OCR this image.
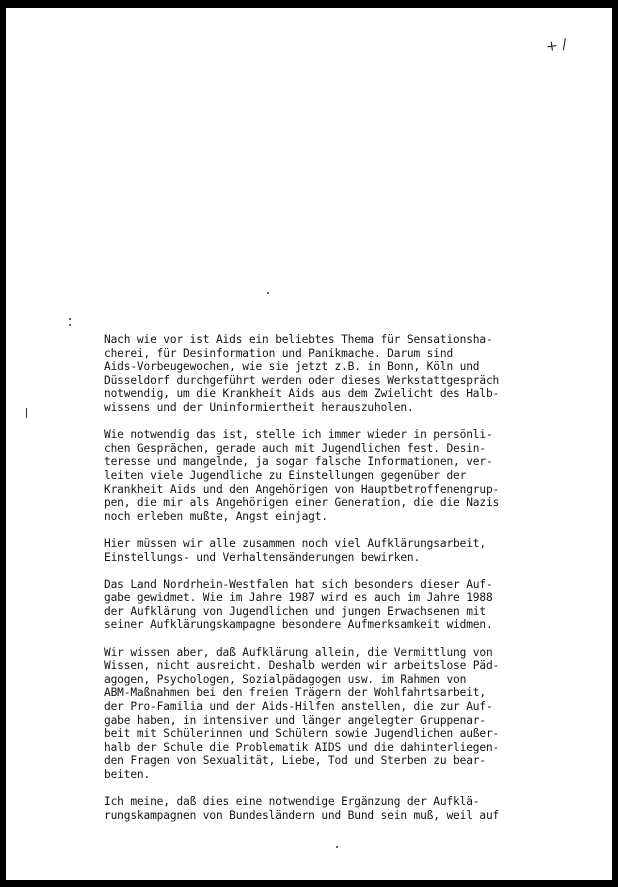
+ /

Nach wie vor ist Aids ein beliebtes Thema für Sensationsha-
cherei, für Desinformation und Panikmache. Darum sind
Aids-Vorbeugewochen, wie sie jetzt z.B. in Bonn, Köln und
Düsseldorf durchgeführt werden oder dieses Werkstattgespräch
notwendig, um die Krankheit Aids aus dem Zwielicht des Halb-
wissens und der Uninformiertheit herauszuholen.

Wie notwendig das ist, stelle ich immer wieder in persönli-
chen Gesprächen, gerade auch mit Jugendlichen fest. Desin-
teresse und mangelnde, ja sogar falsche Informationen, ver-
leiten viele Jugendliche zu Einstellungen gegenüber der
Krankheit Aids und den Angehörigen von Hauptbetroffenengrup-
pen, die mir als Angehörigen einer Generation, die die Nazis
noch erleben mußte, Angst einjagt.

Hier müssen wir alle zusammen noch viel Aufklärungsarbeit,
Einstellungs- und Verhaltensänderungen bewirken.

Das Land Nordrhein-Westfalen hat sich besonders dieser Auf-
gabe gewidmet. Wie im Jahre 1987 wird es auch im Jahre 1988
der Aufklärung von Jugendlichen und jungen Erwachsenen mit
seiner Aufklärungskampagne besondere Aufmerksamkeit widmen.

Wir wissen aber, daß Aufklärung allein, die Vermittlung von
Wissen, nicht ausreicht. Deshalb werden wir arbeitslose Päd-
agogen, Psychologen, Sozialpädagogen usw. im Rahmen von
ABM-Maßnahmen bei den freien Trägern der Wohlfahrtsarbeit,
der Pro-Familia und der Aids-Hilfen anstellen, die zur Auf-
gabe haben, in intensiver und länger angelegter Gruppenar-
beit mit Schülerinnen und Schülern sowie Jugendlichen außer-
halb der Schule die Problematik AIDS und die dahinterliegen-
den Fragen von Sexualität, Liebe, Tod und Sterben zu bear-
beiten.

Ich meine, daß dies eine notwendige Ergänzung der Aufklä-
rungskampagnen von Bundesländern und Bund sein muß, weil auf
